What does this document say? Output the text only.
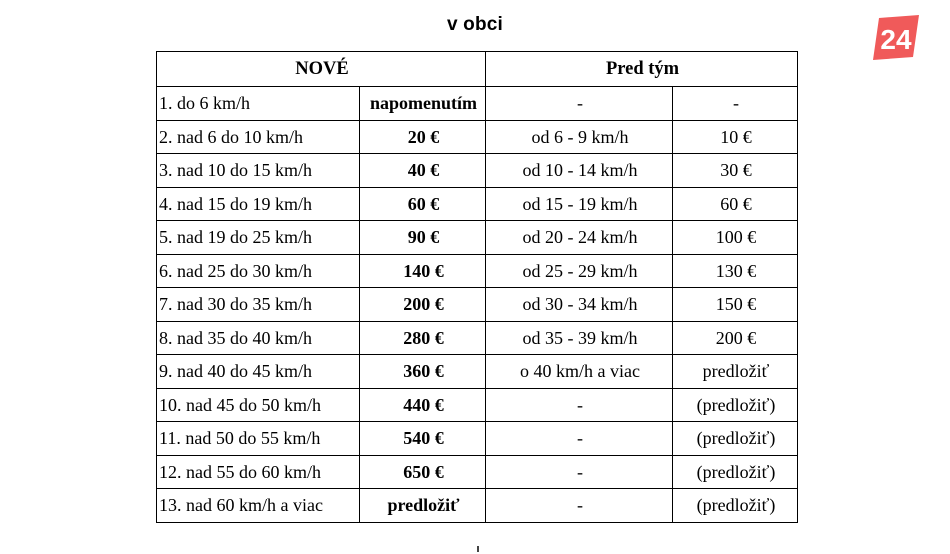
v obci	24
NOVÉ		Pred tým	
1. do 6 km/h	napomenutím	-	-
2. nad 6 do 10 km/h	20 €	od 6 - 9 km/h	10 €
3. nad 10 do 15 km/h	40 €	od 10 - 14 km/h	30 €
4. nad 15 do 19 km/h	60 €	od 15 - 19 km/h	60 €
5. nad 19 do 25 km/h	90 €	od 20 - 24 km/h	100 €
6. nad 25 do 30 km/h	140 €	od 25 - 29 km/h	130 €
7. nad 30 do 35 km/h	200 €	od 30 - 34 km/h	150 €
8. nad 35 do 40 km/h	280 €	od 35 - 39 km/h	200 €
9. nad 40 do 45 km/h	360 €	o 40 km/h a viac	predložiť
10. nad 45 do 50 km/h	440 €	-	(predložiť)
11. nad 50 do 55 km/h	540 €	-	(predložiť)
12. nad 55 do 60 km/h	650 €	-	(predložiť)
13. nad 60 km/h a viac	predložiť	-	(predložiť)
